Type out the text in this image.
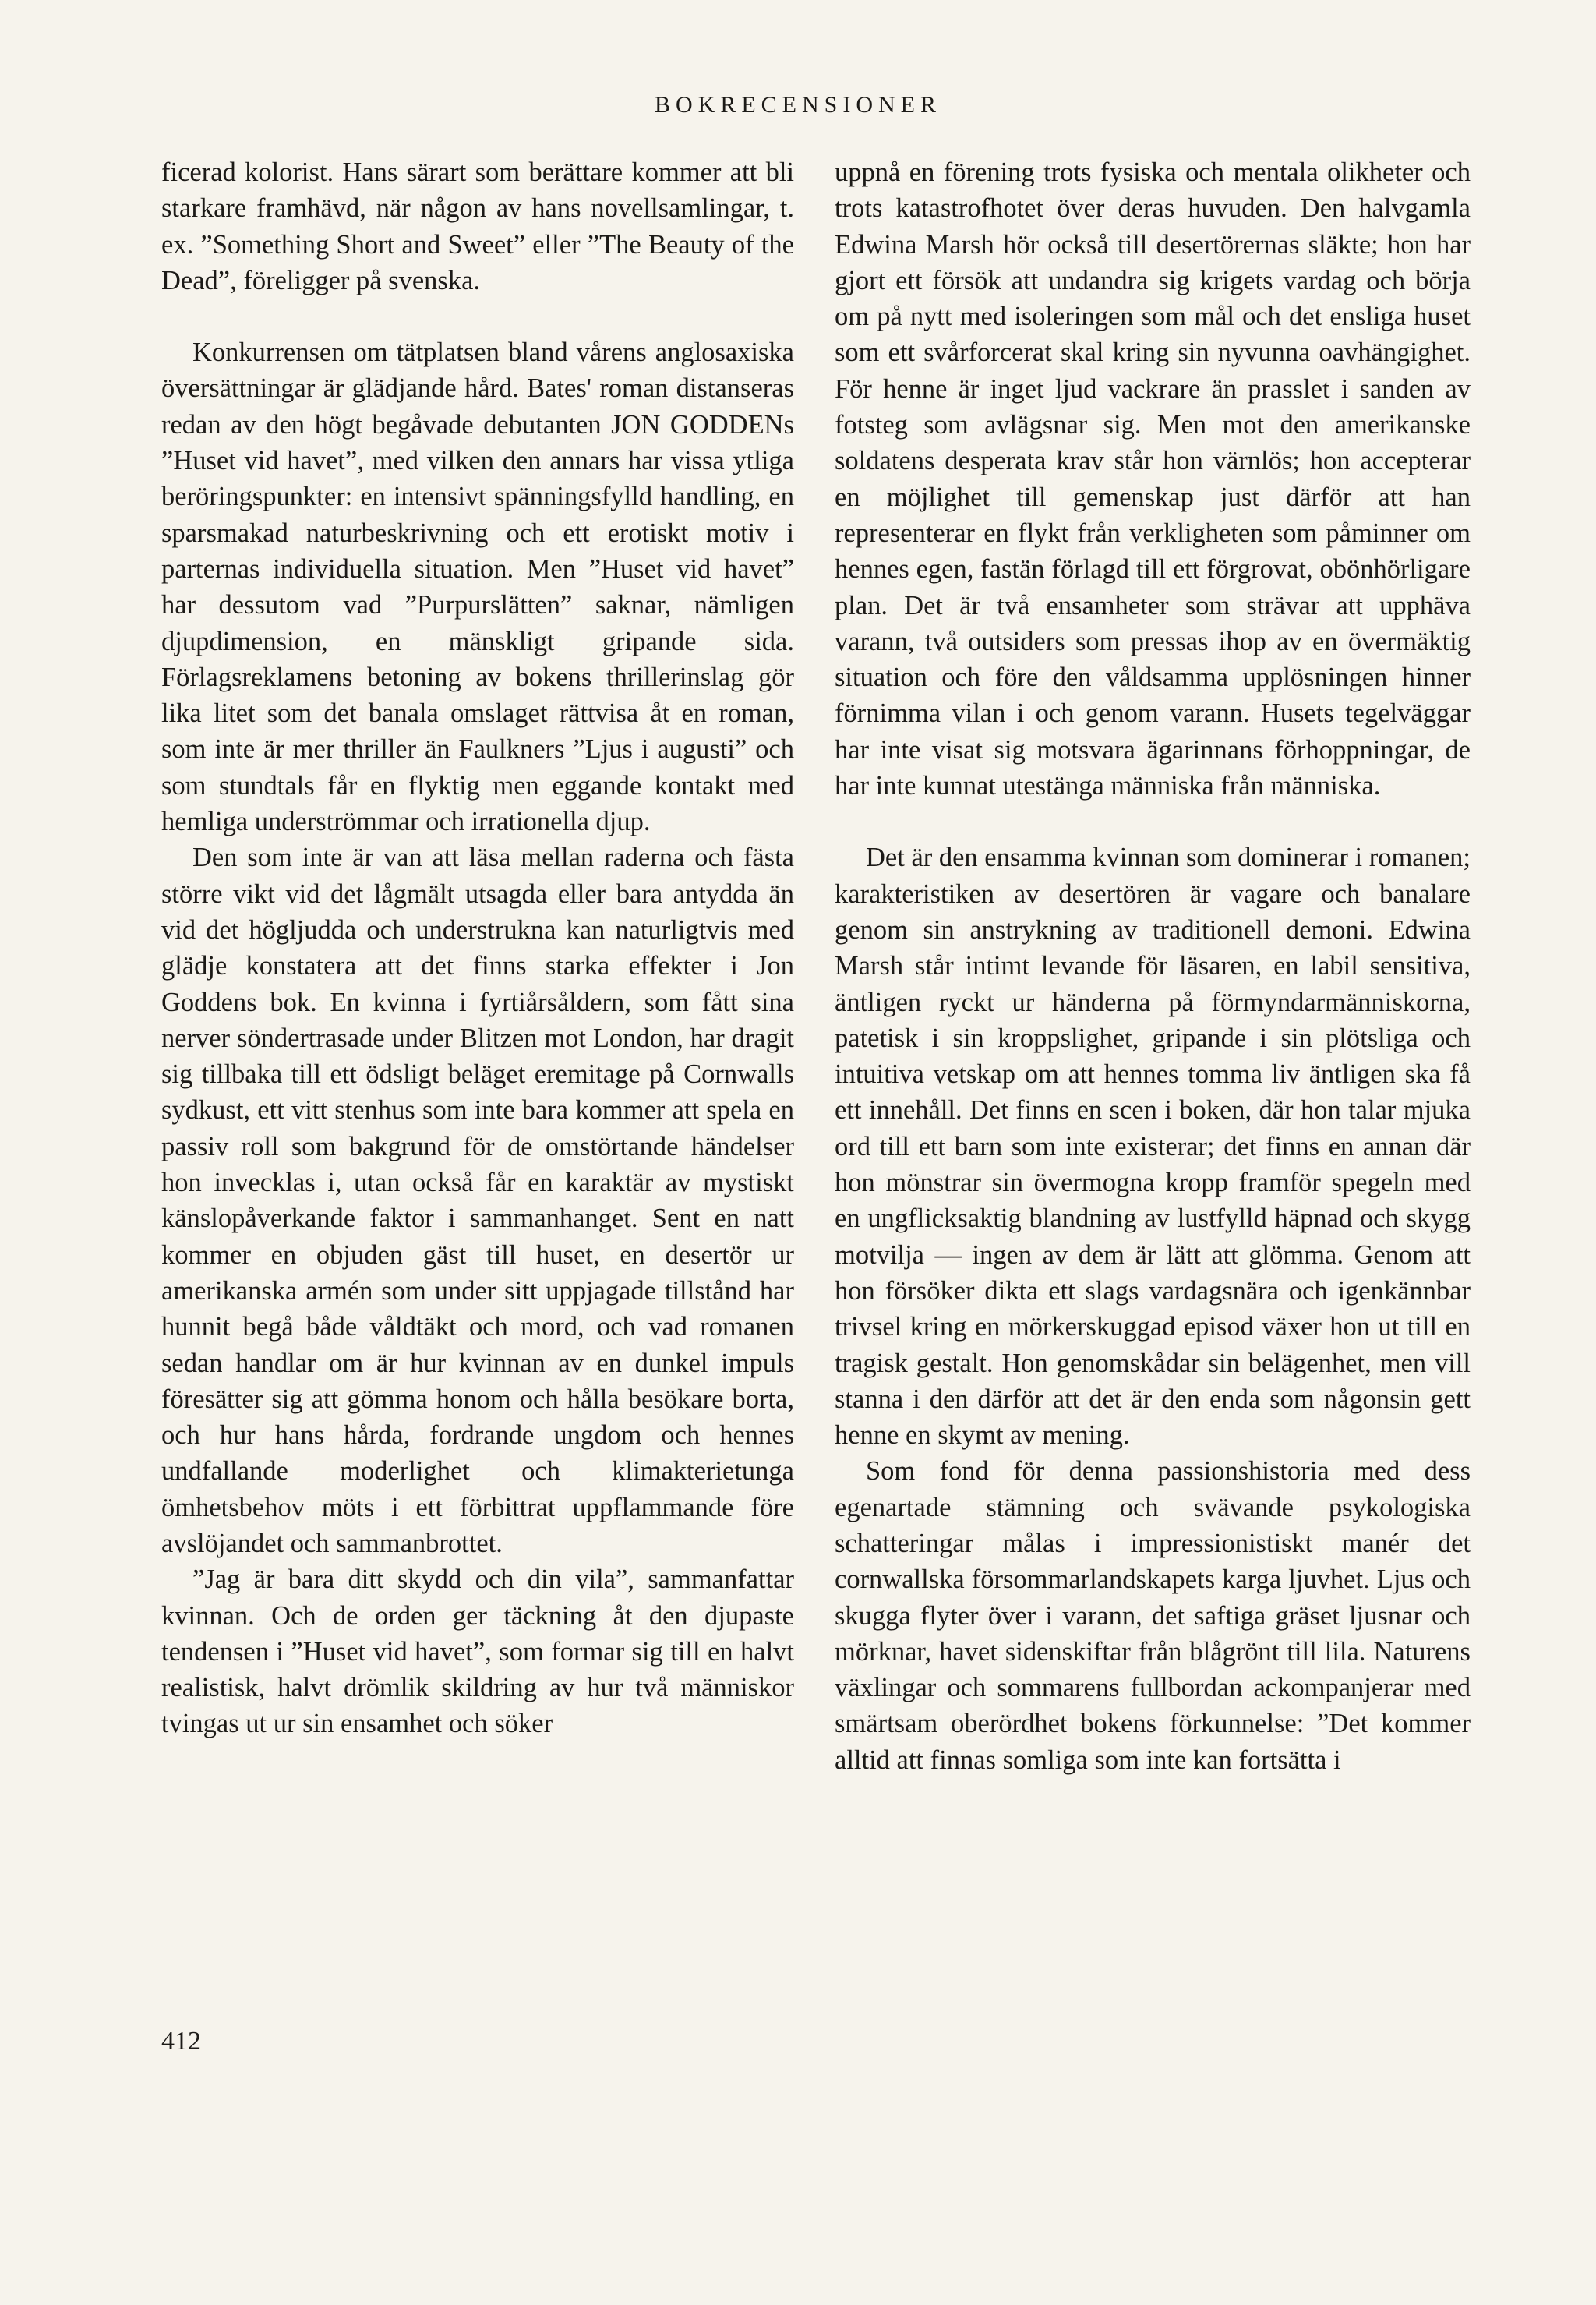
BOKRECENSIONER

ficerad kolorist. Hans särart som berättare kommer att bli starkare framhävd, när någon av hans novellsamlingar, t. ex. ”Something Short and Sweet” eller ”The Beauty of the Dead”, föreligger på svenska.

Konkurrensen om tätplatsen bland vårens anglosaxiska översättningar är glädjande hård. Bates' roman distanseras redan av den högt begåvade debutanten JON GODDENs ”Huset vid havet”, med vilken den annars har vissa ytliga beröringspunkter: en intensivt spänningsfylld handling, en sparsmakad naturbeskrivning och ett erotiskt motiv i parternas individuella situation. Men ”Huset vid havet” har dessutom vad ”Purpurslätten” saknar, nämligen djupdimension, en mänskligt gripande sida. Förlagsreklamens betoning av bokens thrillerinslag gör lika litet som det banala omslaget rättvisa åt en roman, som inte är mer thriller än Faulkners ”Ljus i augusti” och som stundtals får en flyktig men eggande kontakt med hemliga underströmmar och irrationella djup.

Den som inte är van att läsa mellan raderna och fästa större vikt vid det lågmält utsagda eller bara antydda än vid det högljudda och understrukna kan naturligtvis med glädje konstatera att det finns starka effekter i Jon Goddens bok. En kvinna i fyrtiårsåldern, som fått sina nerver söndertrasade under Blitzen mot London, har dragit sig tillbaka till ett ödsligt beläget eremitage på Cornwalls sydkust, ett vitt stenhus som inte bara kommer att spela en passiv roll som bakgrund för de omstörtande händelser hon invecklas i, utan också får en karaktär av mystiskt känslopåverkande faktor i sammanhanget. Sent en natt kommer en objuden gäst till huset, en desertör ur amerikanska armén som under sitt uppjagade tillstånd har hunnit begå både våldtäkt och mord, och vad romanen sedan handlar om är hur kvinnan av en dunkel impuls föresätter sig att gömma honom och hålla besökare borta, och hur hans hårda, fordrande ungdom och hennes undfallande moderlighet och klimakterietunga ömhetsbehov möts i ett förbittrat uppflammande före avslöjandet och sammanbrottet.

”Jag är bara ditt skydd och din vila”, sammanfattar kvinnan. Och de orden ger täckning åt den djupaste tendensen i ”Huset vid havet”, som formar sig till en halvt realistisk, halvt drömlik skildring av hur två människor tvingas ut ur sin ensamhet och söker

uppnå en förening trots fysiska och mentala olikheter och trots katastrofhotet över deras huvuden. Den halvgamla Edwina Marsh hör också till desertörernas släkte; hon har gjort ett försök att undandra sig krigets vardag och börja om på nytt med isoleringen som mål och det ensliga huset som ett svårforcerat skal kring sin nyvunna oavhängighet. För henne är inget ljud vackrare än prasslet i sanden av fotsteg som avlägsnar sig. Men mot den amerikanske soldatens desperata krav står hon värnlös; hon accepterar en möjlighet till gemenskap just därför att han representerar en flykt från verkligheten som påminner om hennes egen, fastän förlagd till ett förgrovat, obönhörligare plan. Det är två ensamheter som strävar att upphäva varann, två outsiders som pressas ihop av en övermäktig situation och före den våldsamma upplösningen hinner förnimma vilan i och genom varann. Husets tegelväggar har inte visat sig motsvara ägarinnans förhoppningar, de har inte kunnat utestänga människa från människa.

Det är den ensamma kvinnan som dominerar i romanen; karakteristiken av desertören är vagare och banalare genom sin anstrykning av traditionell demoni. Edwina Marsh står intimt levande för läsaren, en labil sensitiva, äntligen ryckt ur händerna på förmyndarmänniskorna, patetisk i sin kroppslighet, gripande i sin plötsliga och intuitiva vetskap om att hennes tomma liv äntligen ska få ett innehåll. Det finns en scen i boken, där hon talar mjuka ord till ett barn som inte existerar; det finns en annan där hon mönstrar sin övermogna kropp framför spegeln med en ungflicksaktig blandning av lustfylld häpnad och skygg motvilja — ingen av dem är lätt att glömma. Genom att hon försöker dikta ett slags vardagsnära och igenkännbar trivsel kring en mörkerskuggad episod växer hon ut till en tragisk gestalt. Hon genomskådar sin belägenhet, men vill stanna i den därför att det är den enda som någonsin gett henne en skymt av mening.

Som fond för denna passionshistoria med dess egenartade stämning och svävande psykologiska schatteringar målas i impressionistiskt manér det cornwallska försommarlandskapets karga ljuvhet. Ljus och skugga flyter över i varann, det saftiga gräset ljusnar och mörknar, havet sidenskiftar från blågrönt till lila. Naturens växlingar och sommarens fullbordan ackompanjerar med smärtsam oberördhet bokens förkunnelse: ”Det kommer alltid att finnas somliga som inte kan fortsätta i

412
